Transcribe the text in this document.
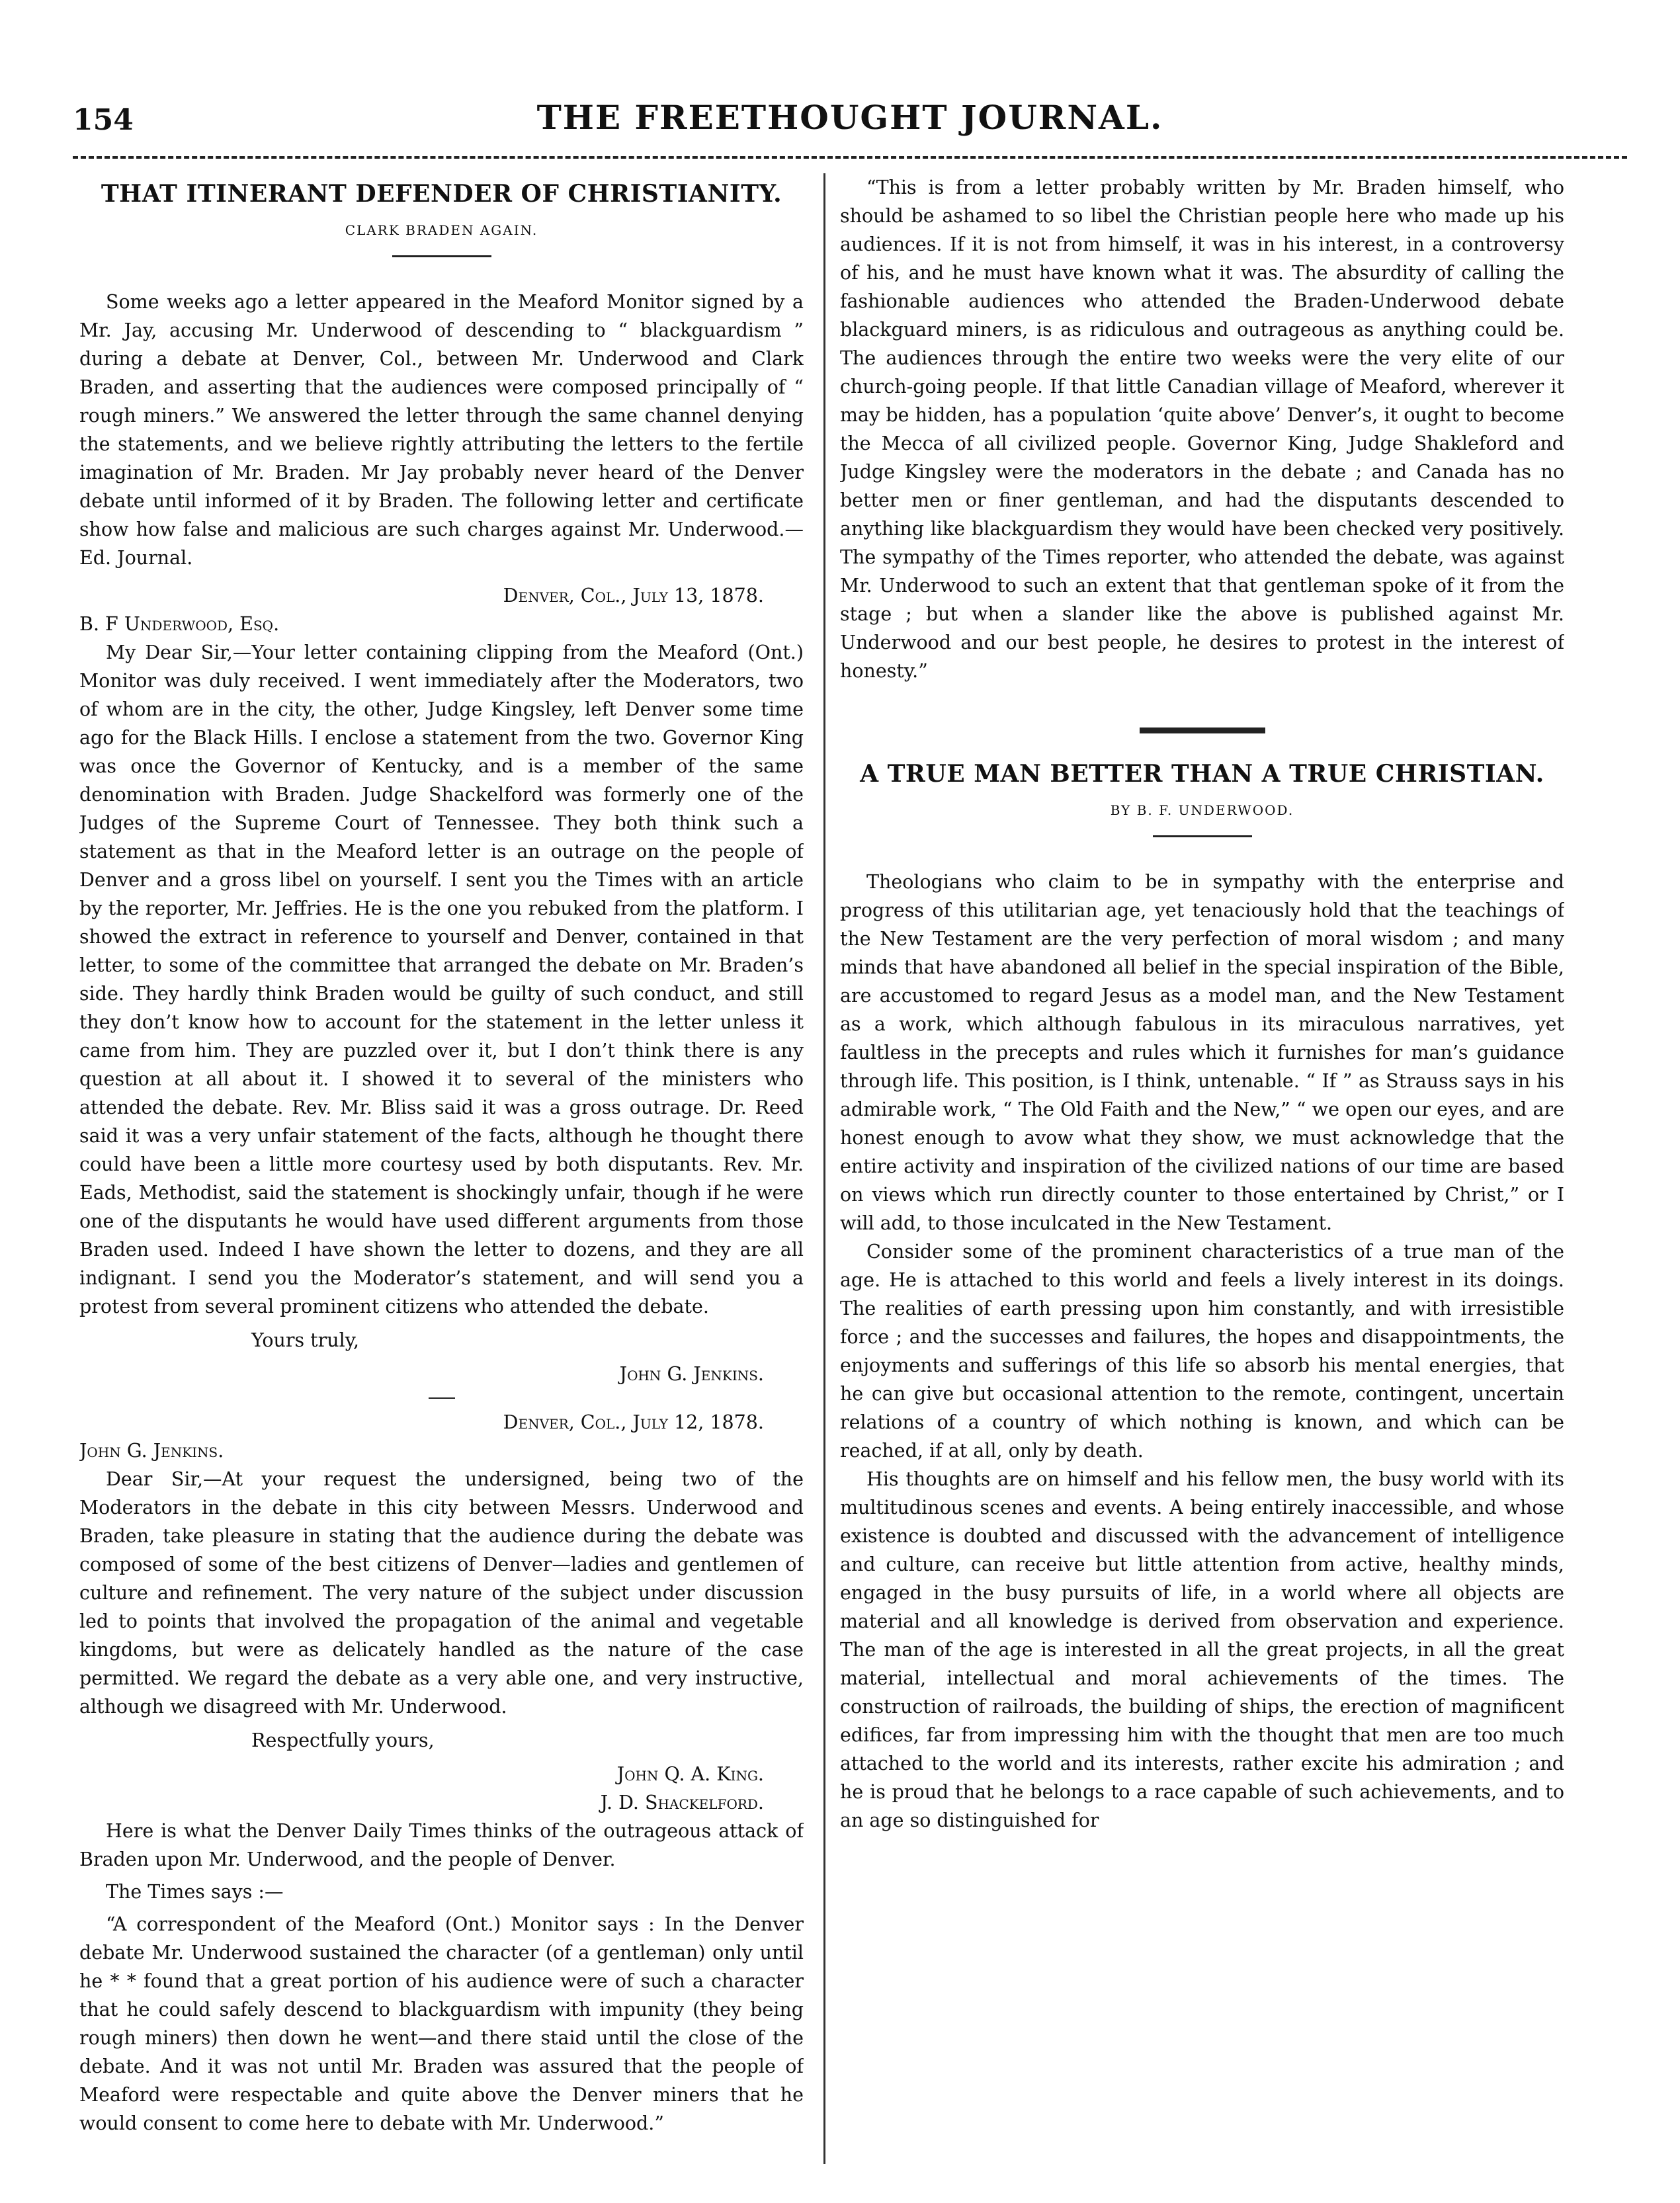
154	THE FREETHOUGHT JOURNAL.
THAT ITINERANT DEFENDER OF CHRISTIANITY.
CLARK BRADEN AGAIN.

Some weeks ago a letter appeared in the Meaford Monitor signed by a Mr. Jay, accusing Mr. Underwood of descending to “ blackguardism ” during a debate at Denver, Col., between Mr. Underwood and Clark Braden, and asserting that the audiences were composed principally of “ rough miners.” We answered the letter through the same channel denying the statements, and we believe rightly attributing the letters to the fertile imagination of Mr. Braden. Mr Jay probably never heard of the Denver debate until informed of it by Braden. The following letter and certificate show how false and malicious are such charges against Mr. Underwood.—Ed. Journal.

Denver, Col., July 13, 1878.
B. F Underwood, Esq.

My Dear Sir,—Your letter containing clipping from the Meaford (Ont.) Monitor was duly received. I went immediately after the Moderators, two of whom are in the city, the other, Judge Kingsley, left Denver some time ago for the Black Hills. I enclose a statement from the two. Governor King was once the Governor of Kentucky, and is a member of the same denomination with Braden. Judge Shackelford was formerly one of the Judges of the Supreme Court of Tennessee. They both think such a statement as that in the Meaford letter is an outrage on the people of Denver and a gross libel on yourself. I sent you the Times with an article by the reporter, Mr. Jeffries. He is the one you rebuked from the platform. I showed the extract in reference to yourself and Denver, contained in that letter, to some of the committee that arranged the debate on Mr. Braden’s side. They hardly think Braden would be guilty of such conduct, and still they don’t know how to account for the statement in the letter unless it came from him. They are puzzled over it, but I don’t think there is any question at all about it. I showed it to several of the ministers who attended the debate. Rev. Mr. Bliss said it was a gross outrage. Dr. Reed said it was a very unfair statement of the facts, although he thought there could have been a little more courtesy used by both disputants. Rev. Mr. Eads, Methodist, said the statement is shockingly unfair, though if he were one of the disputants he would have used different arguments from those Braden used. Indeed I have shown the letter to dozens, and they are all indignant. I send you the Moderator’s statement, and will send you a protest from several prominent citizens who attended the debate.

Yours truly,
John G. Jenkins.
Denver, Col., July 12, 1878.
John G. Jenkins.

Dear Sir,—At your request the undersigned, being two of the Moderators in the debate in this city between Messrs. Underwood and Braden, take pleasure in stating that the audience during the debate was composed of some of the best citizens of Denver—ladies and gentlemen of culture and refinement. The very nature of the subject under discussion led to points that involved the propagation of the animal and vegetable kingdoms, but were as delicately handled as the nature of the case permitted. We regard the debate as a very able one, and very instructive, although we disagreed with Mr. Underwood.

Respectfully yours,
John Q. A. King.
J. D. Shackelford.

Here is what the Denver Daily Times thinks of the outrageous attack of Braden upon Mr. Underwood, and the people of Denver.

The Times says :—

“A correspondent of the Meaford (Ont.) Monitor says : In the Denver debate Mr. Underwood sustained the character (of a gentleman) only until he * * found that a great portion of his audience were of such a character that he could safely descend to blackguardism with impunity (they being rough miners) then down he went—and there staid until the close of the debate. And it was not until Mr. Braden was assured that the people of Meaford were respectable and quite above the Denver miners that he would consent to come here to debate with Mr. Underwood.”

“This is from a letter probably written by Mr. Braden himself, who should be ashamed to so libel the Christian people here who made up his audiences. If it is not from himself, it was in his interest, in a controversy of his, and he must have known what it was. The absurdity of calling the fashionable audiences who attended the Braden-Underwood debate blackguard miners, is as ridiculous and outrageous as anything could be. The audiences through the entire two weeks were the very elite of our church-going people. If that little Canadian village of Meaford, wherever it may be hidden, has a population ‘quite above’ Denver’s, it ought to become the Mecca of all civilized people. Governor King, Judge Shakleford and Judge Kingsley were the moderators in the debate ; and Canada has no better men or finer gentleman, and had the disputants descended to anything like blackguardism they would have been checked very positively. The sympathy of the Times reporter, who attended the debate, was against Mr. Underwood to such an extent that that gentleman spoke of it from the stage ; but when a slander like the above is published against Mr. Underwood and our best people, he desires to protest in the interest of honesty.”

A TRUE MAN BETTER THAN A TRUE CHRISTIAN.
BY B. F. UNDERWOOD.

Theologians who claim to be in sympathy with the enterprise and progress of this utilitarian age, yet tenaciously hold that the teachings of the New Testament are the very perfection of moral wisdom ; and many minds that have abandoned all belief in the special inspiration of the Bible, are accustomed to regard Jesus as a model man, and the New Testament as a work, which although fabulous in its miraculous narratives, yet faultless in the precepts and rules which it furnishes for man’s guidance through life. This position, is I think, untenable. “ If ” as Strauss says in his admirable work, “ The Old Faith and the New,” “ we open our eyes, and are honest enough to avow what they show, we must acknowledge that the entire activity and inspiration of the civilized nations of our time are based on views which run directly counter to those entertained by Christ,” or I will add, to those inculcated in the New Testament.

Consider some of the prominent characteristics of a true man of the age. He is attached to this world and feels a lively interest in its doings. The realities of earth pressing upon him constantly, and with irresistible force ; and the successes and failures, the hopes and disappointments, the enjoyments and sufferings of this life so absorb his mental energies, that he can give but occasional attention to the remote, contingent, uncertain relations of a country of which nothing is known, and which can be reached, if at all, only by death.

His thoughts are on himself and his fellow men, the busy world with its multitudinous scenes and events. A being entirely inaccessible, and whose existence is doubted and discussed with the advancement of intelligence and culture, can receive but little attention from active, healthy minds, engaged in the busy pursuits of life, in a world where all objects are material and all knowledge is derived from observation and experience. The man of the age is interested in all the great projects, in all the great material, intellectual and moral achievements of the times. The construction of railroads, the building of ships, the erection of magnificent edifices, far from impressing him with the thought that men are too much attached to the world and its interests, rather excite his admiration ; and he is proud that he belongs to a race capable of such achievements, and to an age so distinguished for
